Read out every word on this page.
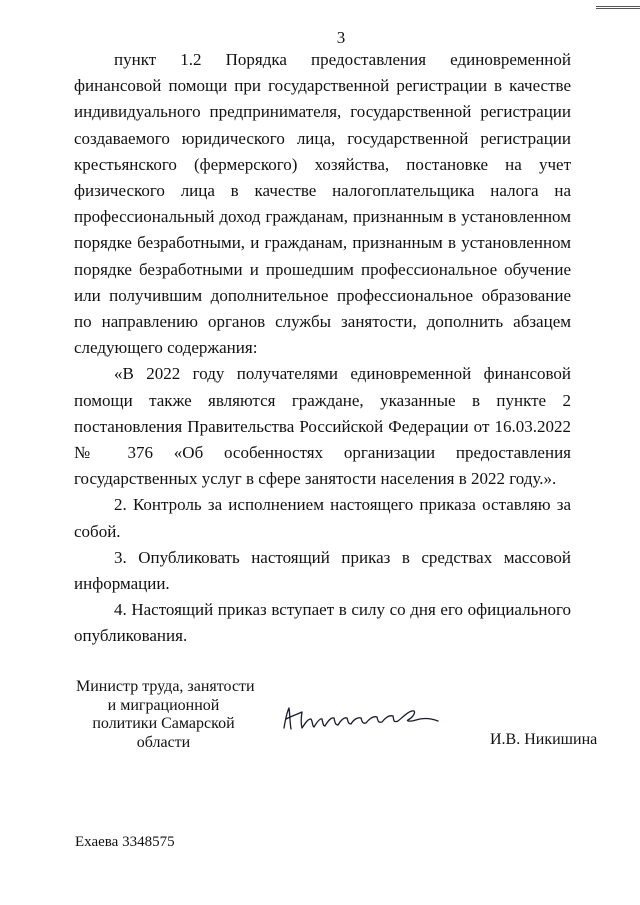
3

пункт 1.2 Порядка предоставления единовременной финансовой помощи при государственной регистрации в качестве индивидуального предпринимателя, государственной регистрации создаваемого юридического лица, государственной регистрации крестьянского (фермерского) хозяйства, постановке на учет физического лица в качестве налогоплательщика налога на профессиональный доход гражданам, признанным в установленном порядке безработными, и гражданам, признанным в установленном порядке безработными и прошедшим профессиональное обучение или получившим дополнительное профессиональное образование по направлению органов службы занятости, дополнить абзацем следующего содержания:

«В 2022 году получателями единовременной финансовой помощи также являются граждане, указанные в пункте 2 постановления Правительства Российской Федерации от 16.03.2022 № 376 «Об особенностях организации предоставления государственных услуг в сфере занятости населения в 2022 году.».

2. Контроль за исполнением настоящего приказа оставляю за собой.

3. Опубликовать настоящий приказ в средствах массовой информации.

4. Настоящий приказ вступает в силу со дня его официального опубликования.

Министр труда, занятости
и миграционной
политики Самарской
области	И.В. Никишина
Ехаева 3348575
